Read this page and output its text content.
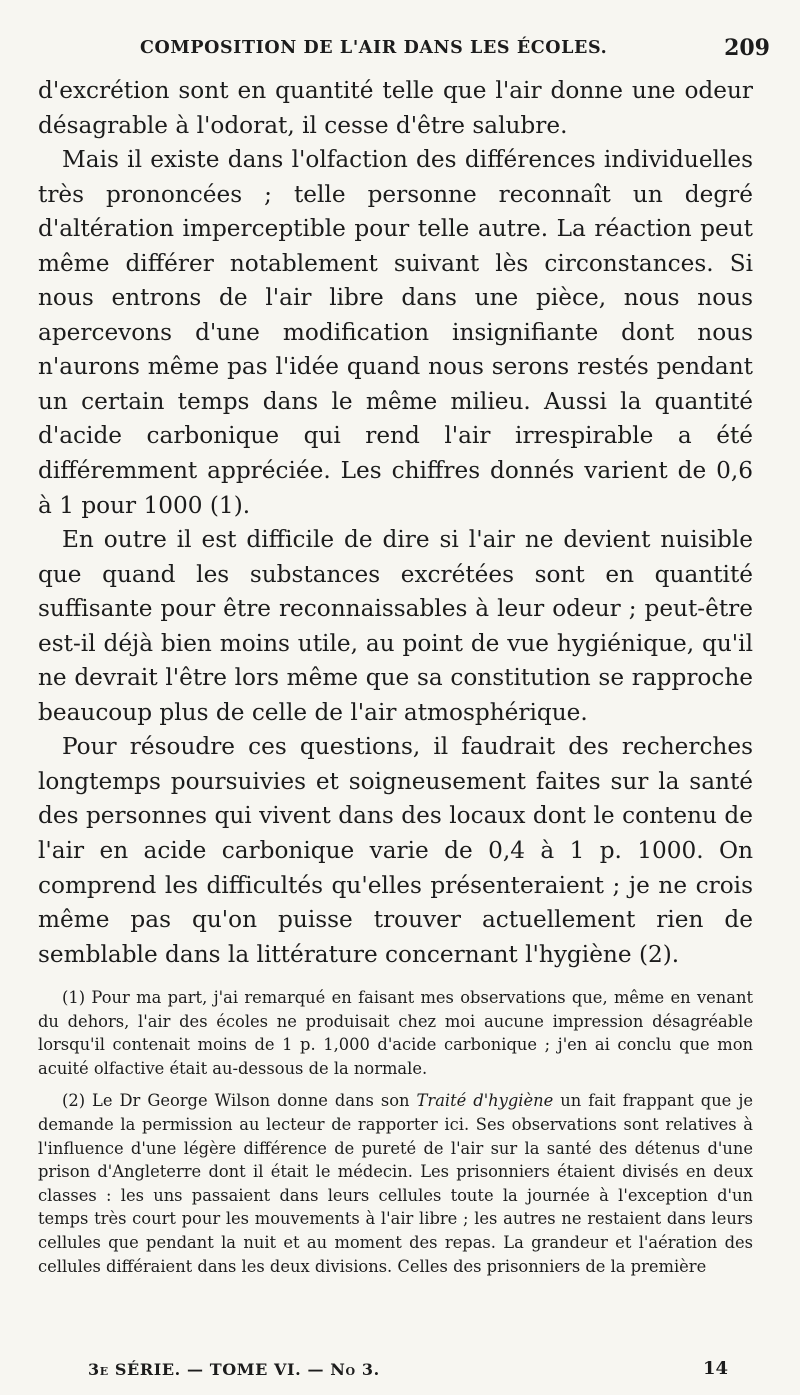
COMPOSITION DE L'AIR DANS LES ÉCOLES.	209

d'excrétion sont en quantité telle que l'air donne une odeur désagrable à l'odorat, il cesse d'être salubre.

Mais il existe dans l'olfaction des différences individuelles très prononcées ; telle personne reconnaît un degré d'altération imperceptible pour telle autre. La réaction peut même différer notablement suivant lès circonstances. Si nous entrons de l'air libre dans une pièce, nous nous apercevons d'une modification insignifiante dont nous n'aurons même pas l'idée quand nous serons restés pendant un certain temps dans le même milieu. Aussi la quantité d'acide carbonique qui rend l'air irrespirable a été différemment appréciée. Les chiffres donnés varient de 0,6 à 1 pour 1000 (1).

En outre il est difficile de dire si l'air ne devient nuisible que quand les substances excrétées sont en quantité suffisante pour être reconnaissables à leur odeur ; peut-être est-il déjà bien moins utile, au point de vue hygiénique, qu'il ne devrait l'être lors même que sa constitution se rapproche beaucoup plus de celle de l'air atmosphérique.

Pour résoudre ces questions, il faudrait des recherches longtemps poursuivies et soigneusement faites sur la santé des personnes qui vivent dans des locaux dont le contenu de l'air en acide carbonique varie de 0,4 à 1 p. 1000. On comprend les difficultés qu'elles présenteraient ; je ne crois même pas qu'on puisse trouver actuellement rien de semblable dans la littérature concernant l'hygiène (2).

(1) Pour ma part, j'ai remarqué en faisant mes observations que, même en venant du dehors, l'air des écoles ne produisait chez moi aucune impression désagréable lorsqu'il contenait moins de 1 p. 1,000 d'acide carbonique ; j'en ai conclu que mon acuité olfactive était au-dessous de la normale.

(2) Le Dr George Wilson donne dans son Traité d'hygiène un fait frappant que je demande la permission au lecteur de rapporter ici. Ses observations sont relatives à l'influence d'une légère différence de pureté de l'air sur la santé des détenus d'une prison d'Angleterre dont il était le médecin. Les prisonniers étaient divisés en deux classes : les uns passaient dans leurs cellules toute la journée à l'exception d'un temps très court pour les mouvements à l'air libre ; les autres ne restaient dans leurs cellules que pendant la nuit et au moment des repas. La grandeur et l'aération des cellules différaient dans les deux divisions. Celles des prisonniers de la première

3e SÉRIE. — TOME VI. — No 3.	14
